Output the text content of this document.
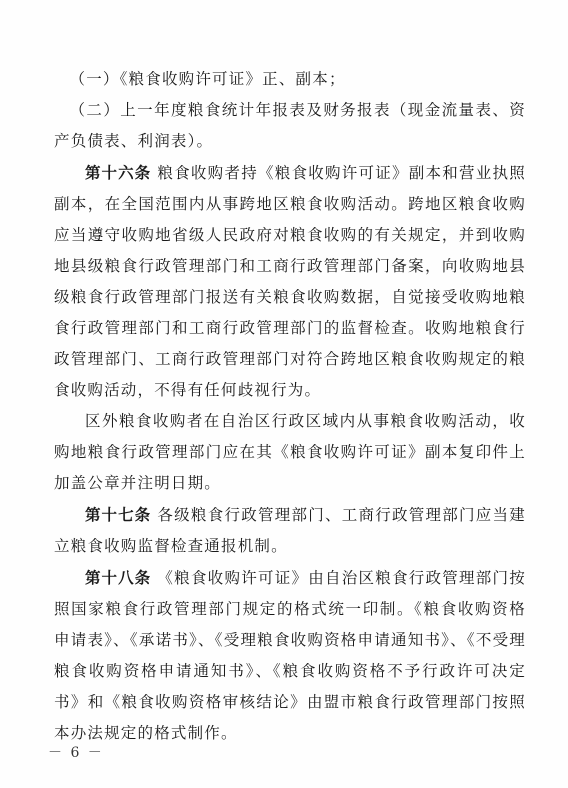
（一）《粮食收购许可证》正、副本；

（二）上一年度粮食统计年报表及财务报表（现金流量表、资产负债表、利润表）。

第十六条 粮食收购者持《粮食收购许可证》副本和营业执照副本，在全国范围内从事跨地区粮食收购活动。跨地区粮食收购应当遵守收购地省级人民政府对粮食收购的有关规定，并到收购地县级粮食行政管理部门和工商行政管理部门备案，向收购地县级粮食行政管理部门报送有关粮食收购数据，自觉接受收购地粮食行政管理部门和工商行政管理部门的监督检查。收购地粮食行政管理部门、工商行政管理部门对符合跨地区粮食收购规定的粮食收购活动，不得有任何歧视行为。

区外粮食收购者在自治区行政区域内从事粮食收购活动，收购地粮食行政管理部门应在其《粮食收购许可证》副本复印件上加盖公章并注明日期。

第十七条 各级粮食行政管理部门、工商行政管理部门应当建立粮食收购监督检查通报机制。

第十八条 《粮食收购许可证》由自治区粮食行政管理部门按照国家粮食行政管理部门规定的格式统一印制。《粮食收购资格申请表》、《承诺书》、《受理粮食收购资格申请通知书》、《不受理粮食收购资格申请通知书》、《粮食收购资格不予行政许可决定书》和《粮食收购资格审核结论》由盟市粮食行政管理部门按照本办法规定的格式制作。

－ 6 －
